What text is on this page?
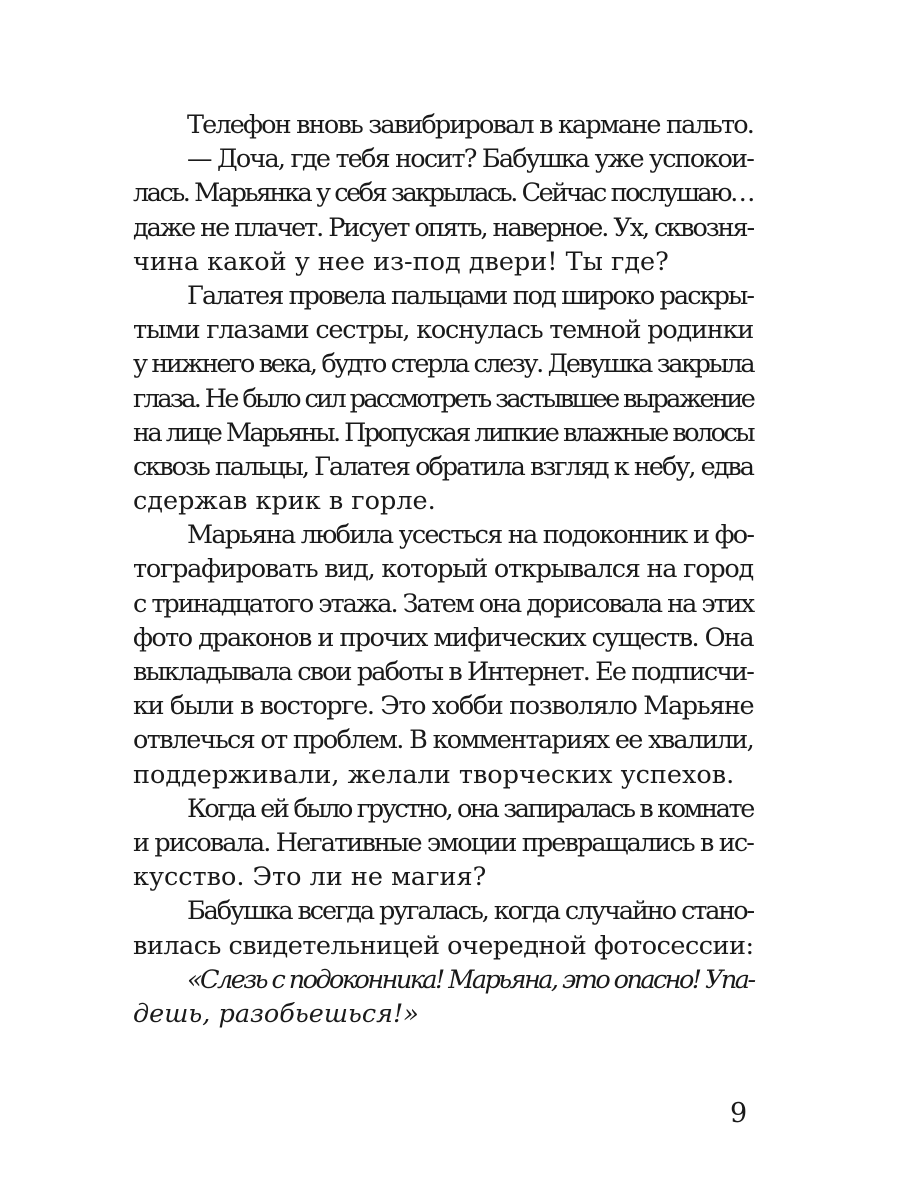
Телефон вновь завибрировал в кармане пальто.
— Доча, где тебя носит? Бабушка уже успокои-
лась. Марьянка у себя закрылась. Сейчас послушаю…
даже не плачет. Рисует опять, наверное. Ух, сквозня-
чина какой у нее из-под двери! Ты где?
Галатея провела пальцами под широко раскры-
тыми глазами сестры, коснулась темной родинки
у нижнего века, будто стерла слезу. Девушка закрыла
глаза. Не было сил рассмотреть застывшее выражение
на лице Марьяны. Пропуская липкие влажные волосы
сквозь пальцы, Галатея обратила взгляд к небу, едва
сдержав крик в горле.
Марьяна любила усесться на подоконник и фо-
тографировать вид, который открывался на город
с тринадцатого этажа. Затем она дорисовала на этих
фото драконов и прочих мифических существ. Она
выкладывала свои работы в Интернет. Ее подписчи-
ки были в восторге. Это хобби позволяло Марьяне
отвлечься от проблем. В комментариях ее хвалили,
поддерживали, желали творческих успехов.
Когда ей было грустно, она запиралась в комнате
и рисовала. Негативные эмоции превращались в ис-
кусство. Это ли не магия?
Бабушка всегда ругалась, когда случайно стано-
вилась свидетельницей очередной фотосессии:
«Слезь с подоконника! Марьяна, это опасно! Упа-
дешь, разобьешься!»
9
